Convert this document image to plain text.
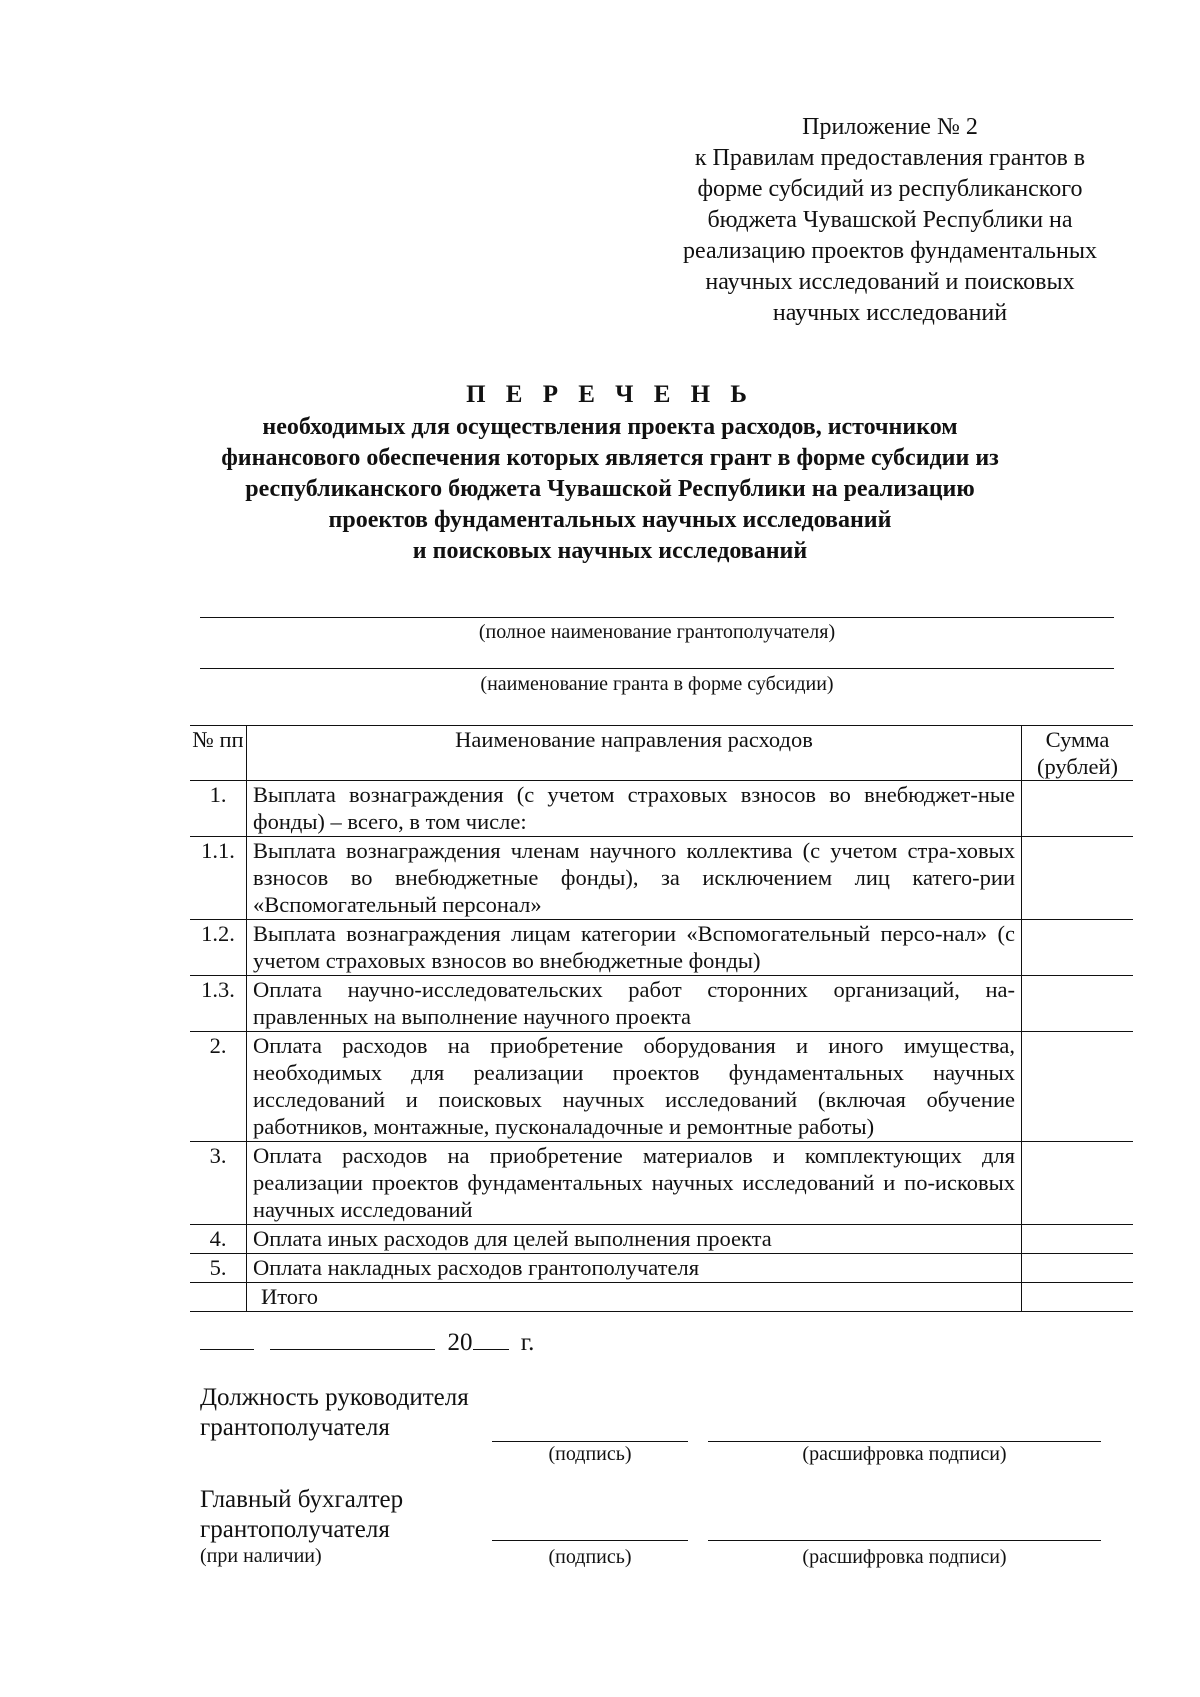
Приложение № 2
к Правилам предоставления грантов в
форме субсидий из республиканского
бюджета Чувашской Республики на
реализацию проектов фундаментальных
научных исследований и поисковых
научных исследований
П Е Р Е Ч Е Н Ь
необходимых для осуществления проекта расходов, источником
финансового обеспечения которых является грант в форме субсидии из
республиканского бюджета Чувашской Республики на реализацию
проектов фундаментальных научных исследований
и поисковых научных исследований
(полное наименование грантополучателя)
(наименование гранта в форме субсидии)
№ пп	Наименование направления расходов	Сумма (рублей)
1.	Выплата вознаграждения (с учетом страховых взносов во внебюджет-ные фонды) – всего, в том числе:	
1.1.	Выплата вознаграждения членам научного коллектива (с учетом стра-ховых взносов во внебюджетные фонды), за исключением лиц катего-рии «Вспомогательный персонал»	
1.2.	Выплата вознаграждения лицам категории «Вспомогательный персо-нал» (с учетом страховых взносов во внебюджетные фонды)	
1.3.	Оплата научно-исследовательских работ сторонних организаций, на-правленных на выполнение научного проекта	
2.	Оплата расходов на приобретение оборудования и иного имущества, необходимых для реализации проектов фундаментальных научных исследований и поисковых научных исследований (включая обучение работников, монтажные, пусконаладочные и ремонтные работы)	
3.	Оплата расходов на приобретение материалов и комплектующих для реализации проектов фундаментальных научных исследований и по-исковых научных исследований	
4.	Оплата иных расходов для целей выполнения проекта	
5.	Оплата накладных расходов грантополучателя	
	Итого	
20 г.
Должность руководителя
грантополучателя
(подпись)	(расшифровка подписи)
Главный бухгалтер
грантополучателя
(при наличии)	(подпись)	(расшифровка подписи)
